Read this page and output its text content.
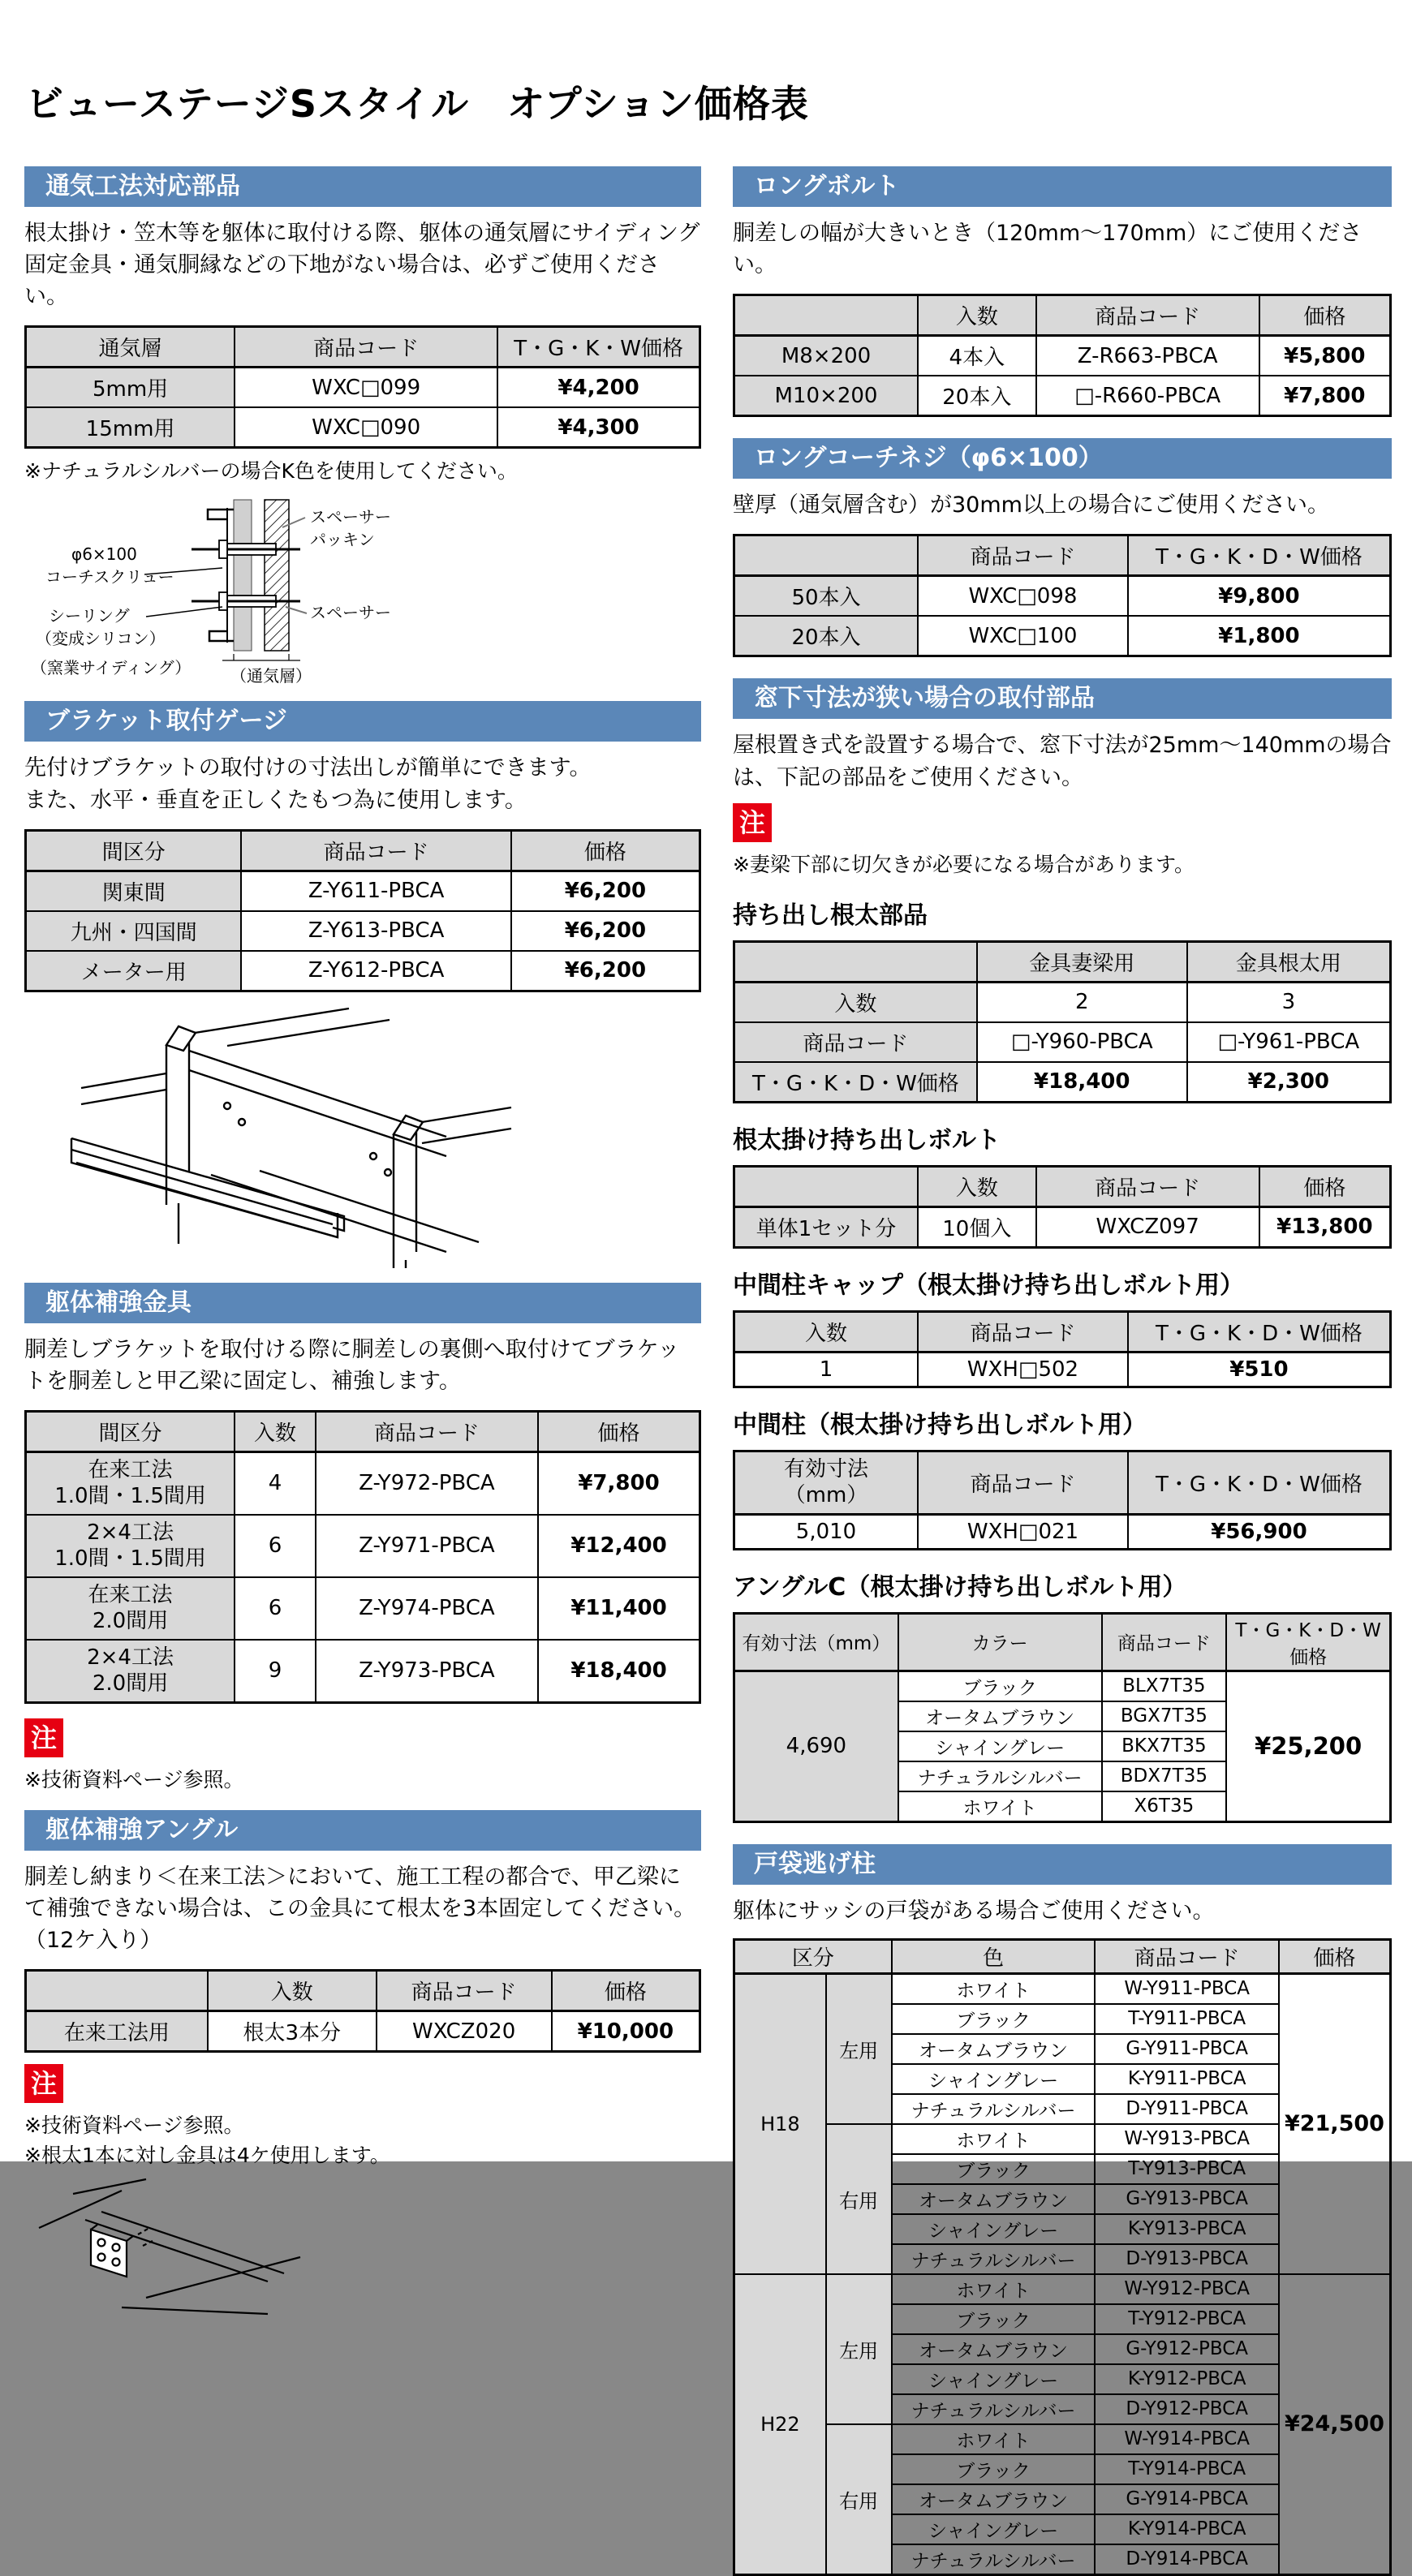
ビューステージSスタイル　オプション価格表
通気工法対応部品
根太掛け・笠木等を躯体に取付ける際、躯体の通気層にサイディング固定金具・通気胴縁などの下地がない場合は、必ずご使用ください。
通気層	商品コード	T・G・K・W価格
5mm用	WXC□099	¥4,200
15mm用	WXC□090	¥4,300
※ナチュラルシルバーの場合K色を使用してください。
スペーサー
パッキン
φ6×100
コーチスクリュー
シーリング
（変成シリコン）
スペーサー
（窯業サイディング） （通気層）
ブラケット取付ゲージ
先付けブラケットの取付けの寸法出しが簡単にできます。
また、水平・垂直を正しくたもつ為に使用します。
間区分	商品コード	価格
関東間	Z-Y611-PBCA	¥6,200
九州・四国間	Z-Y613-PBCA	¥6,200
メーター用	Z-Y612-PBCA	¥6,200
躯体補強金具
胴差しブラケットを取付ける際に胴差しの裏側へ取付けてブラケットを胴差しと甲乙梁に固定し、補強します。
間区分	入数	商品コード	価格

在来工法
1.0間・1.5間用	4	Z-Y972-PBCA	¥7,800

2×4工法
1.0間・1.5間用	6	Z-Y971-PBCA	¥12,400

在来工法
2.0間用	6	Z-Y974-PBCA	¥11,400

2×4工法
2.0間用	9	Z-Y973-PBCA	¥18,400
注
※技術資料ページ参照。
躯体補強アングル
胴差し納まり＜在来工法＞において、施工工程の都合で、甲乙梁にて補強できない場合は、この金具にて根太を3本固定してください。（12ケ入り）
	入数	商品コード	価格
在来工法用	根太3本分	WXCZ020	¥10,000
注
※技術資料ページ参照。
※根太1本に対し金具は4ケ使用します。
ロングボルト
胴差しの幅が大きいとき（120mm～170mm）にご使用ください。
	入数	商品コード	価格
M8×200	4本入	Z-R663-PBCA	¥5,800
M10×200	20本入	□-R660-PBCA	¥7,800
ロングコーチネジ（φ6×100）
壁厚（通気層含む）が30mm以上の場合にご使用ください。
	商品コード	T・G・K・D・W価格
50本入	WXC□098	¥9,800
20本入	WXC□100	¥1,800
窓下寸法が狭い場合の取付部品
屋根置き式を設置する場合で、窓下寸法が25mm～140mmの場合は、下記の部品をご使用ください。
注
※妻梁下部に切欠きが必要になる場合があります。
持ち出し根太部品
	金具妻梁用	金具根太用
入数	2	3
商品コード	□-Y960-PBCA	□-Y961-PBCA
T・G・K・D・W価格	¥18,400	¥2,300
根太掛け持ち出しボルト
	入数	商品コード	価格
単体1セット分	10個入	WXCZ097	¥13,800
中間柱キャップ（根太掛け持ち出しボルト用）
入数	商品コード	T・G・K・D・W価格
1	WXH□502	¥510
中間柱（根太掛け持ち出しボルト用）
有効寸法
（mm）	商品コード	T・G・K・D・W価格
5,010	WXH□021	¥56,900
アングルC（根太掛け持ち出しボルト用）
有効寸法（mm）	カラー	商品コード	T・G・K・D・W価格
4,690	ブラック	BLX7T35	¥25,200
	オータムブラウン	BGX7T35	
	シャイングレー	BKX7T35	
	ナチュラルシルバー	BDX7T35	
	ホワイト	X6T35	
戸袋逃げ柱
躯体にサッシの戸袋がある場合ご使用ください。
区分		色	商品コード	価格
H18	左用	ホワイト	W-Y911-PBCA	¥21,500
		ブラック	T-Y911-PBCA	
		オータムブラウン	G-Y911-PBCA	
		シャイングレー	K-Y911-PBCA	
		ナチュラルシルバー	D-Y911-PBCA	
	右用	ホワイト	W-Y913-PBCA	
		ブラック	T-Y913-PBCA	
		オータムブラウン	G-Y913-PBCA	
		シャイングレー	K-Y913-PBCA	
		ナチュラルシルバー	D-Y913-PBCA	
H22	左用	ホワイト	W-Y912-PBCA	¥24,500
		ブラック	T-Y912-PBCA	
		オータムブラウン	G-Y912-PBCA	
		シャイングレー	K-Y912-PBCA	
		ナチュラルシルバー	D-Y912-PBCA	
	右用	ホワイト	W-Y914-PBCA	
		ブラック	T-Y914-PBCA	
		オータムブラウン	G-Y914-PBCA	
		シャイングレー	K-Y914-PBCA	
		ナチュラルシルバー	D-Y914-PBCA	
